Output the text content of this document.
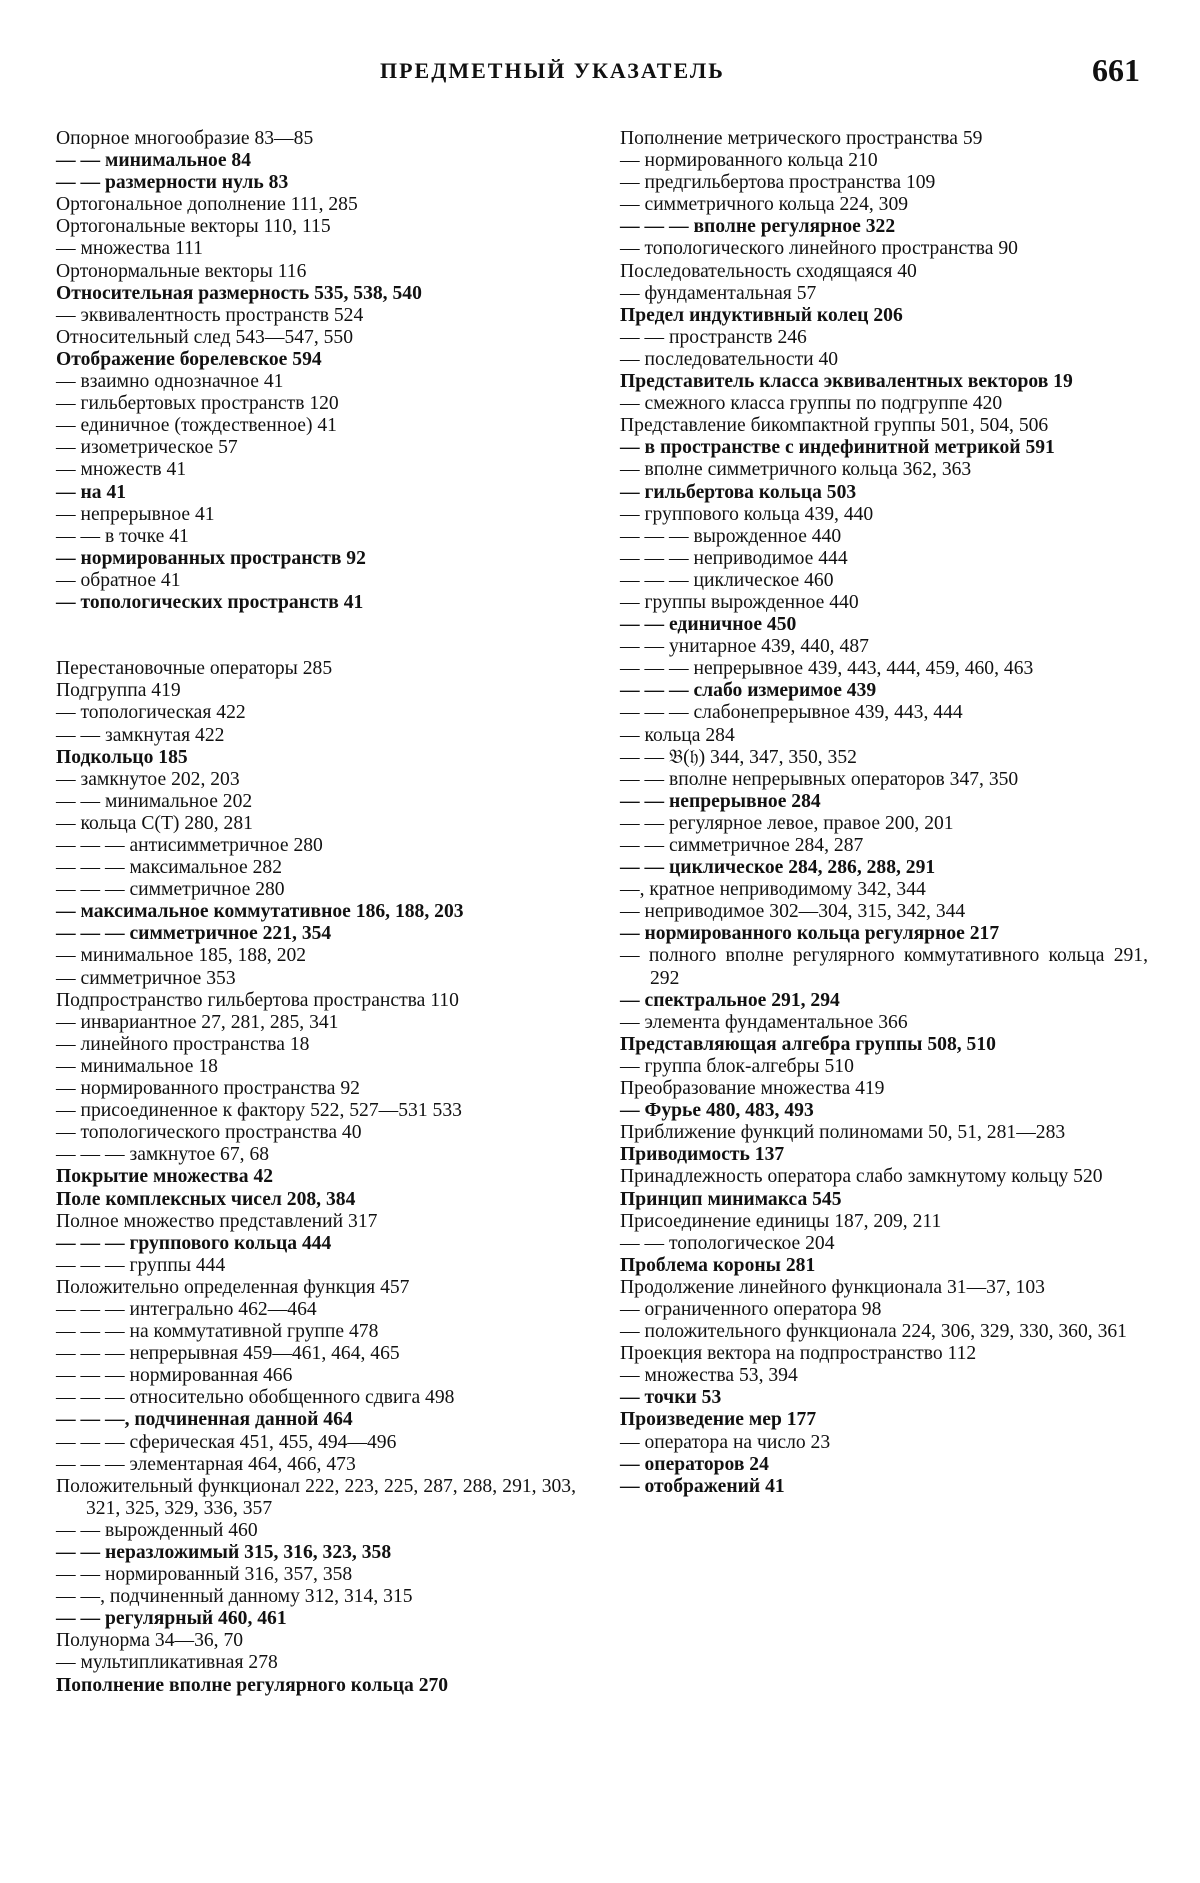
ПРЕДМЕТНЫЙ УКАЗАТЕЛЬ	661

Опорное многообразие 83—85

— — минимальное 84

— — размерности нуль 83

Ортогональное дополнение 111, 285

Ортогональные векторы 110, 115

— множества 111

Ортонормальные векторы 116

Относительная размерность 535, 538, 540

— эквивалентность пространств 524

Относительный след 543—547, 550

Отображение борелевское 594

— взаимно однозначное 41

— гильбертовых пространств 120

— единичное (тождественное) 41

— изометрическое 57

— множеств 41

— на 41

— непрерывное 41

— — в точке 41

— нормированных пространств 92

— обратное 41

— топологических пространств 41

Перестановочные операторы 285

Подгруппа 419

— топологическая 422

— — замкнутая 422

Подкольцо 185

— замкнутое 202, 203

— — минимальное 202

— кольца C(T) 280, 281

— — — антисимметричное 280

— — — максимальное 282

— — — симметричное 280

— максимальное коммутативное 186, 188, 203

— — — симметричное 221, 354

— минимальное 185, 188, 202

— симметричное 353

Подпространство гильбертова пространства 110

— инвариантное 27, 281, 285, 341

— линейного пространства 18

— минимальное 18

— нормированного пространства 92

— присоединенное к фактору 522, 527—531 533

— топологического пространства 40

— — — замкнутое 67, 68

Покрытие множества 42

Поле комплексных чисел 208, 384

Полное множество представлений 317

— — — группового кольца 444

— — — группы 444

Положительно определенная функция 457

— — — интегрально 462—464

— — — на коммутативной группе 478

— — — непрерывная 459—461, 464, 465

— — — нормированная 466

— — — относительно обобщенного сдвига 498

— — —, подчиненная данной 464

— — — сферическая 451, 455, 494—496

— — — элементарная 464, 466, 473

Положительный функционал 222, 223, 225, 287, 288, 291, 303, 321, 325, 329, 336, 357

— — вырожденный 460

— — неразложимый 315, 316, 323, 358

— — нормированный 316, 357, 358

— —, подчиненный данному 312, 314, 315

— — регулярный 460, 461

Полунорма 34—36, 70

— мультипликативная 278

Пополнение вполне регулярного кольца 270

Пополнение метрического пространства 59

— нормированного кольца 210

— предгильбертова пространства 109

— симметричного кольца 224, 309

— — — вполне регулярное 322

— топологического линейного пространства 90

Последовательность сходящаяся 40

— фундаментальная 57

Предел индуктивный колец 206

— — пространств 246

— последовательности 40

Представитель класса эквивалентных векторов 19

— смежного класса группы по подгруппе 420

Представление бикомпактной группы 501, 504, 506

— в пространстве с индефинитной метрикой 591

— вполне симметричного кольца 362, 363

— гильбертова кольца 503

— группового кольца 439, 440

— — — вырожденное 440

— — — неприводимое 444

— — — циклическое 460

— группы вырожденное 440

— — единичное 450

— — унитарное 439, 440, 487

— — — непрерывное 439, 443, 444, 459, 460, 463

— — — слабо измеримое 439

— — — слабонепрерывное 439, 443, 444

— кольца 284

— — 𝔅(𝔥) 344, 347, 350, 352

— — вполне непрерывных операторов 347, 350

— — непрерывное 284

— — регулярное левое, правое 200, 201

— — симметричное 284, 287

— — циклическое 284, 286, 288, 291

—, кратное неприводимому 342, 344

— неприводимое 302—304, 315, 342, 344

— нормированного кольца регулярное 217

— полного вполне регулярного коммутативного кольца 291, 292

— спектральное 291, 294

— элемента фундаментальное 366

Представляющая алгебра группы 508, 510

— группа блок-алгебры 510

Преобразование множества 419

— Фурье 480, 483, 493

Приближение функций полиномами 50, 51, 281—283

Приводимость 137

Принадлежность оператора слабо замкнутому кольцу 520

Принцип минимакса 545

Присоединение единицы 187, 209, 211

— — топологическое 204

Проблема короны 281

Продолжение линейного функционала 31—37, 103

— ограниченного оператора 98

— положительного функционала 224, 306, 329, 330, 360, 361

Проекция вектора на подпространство 112

— множества 53, 394

— точки 53

Произведение мер 177

— оператора на число 23

— операторов 24

— отображений 41
